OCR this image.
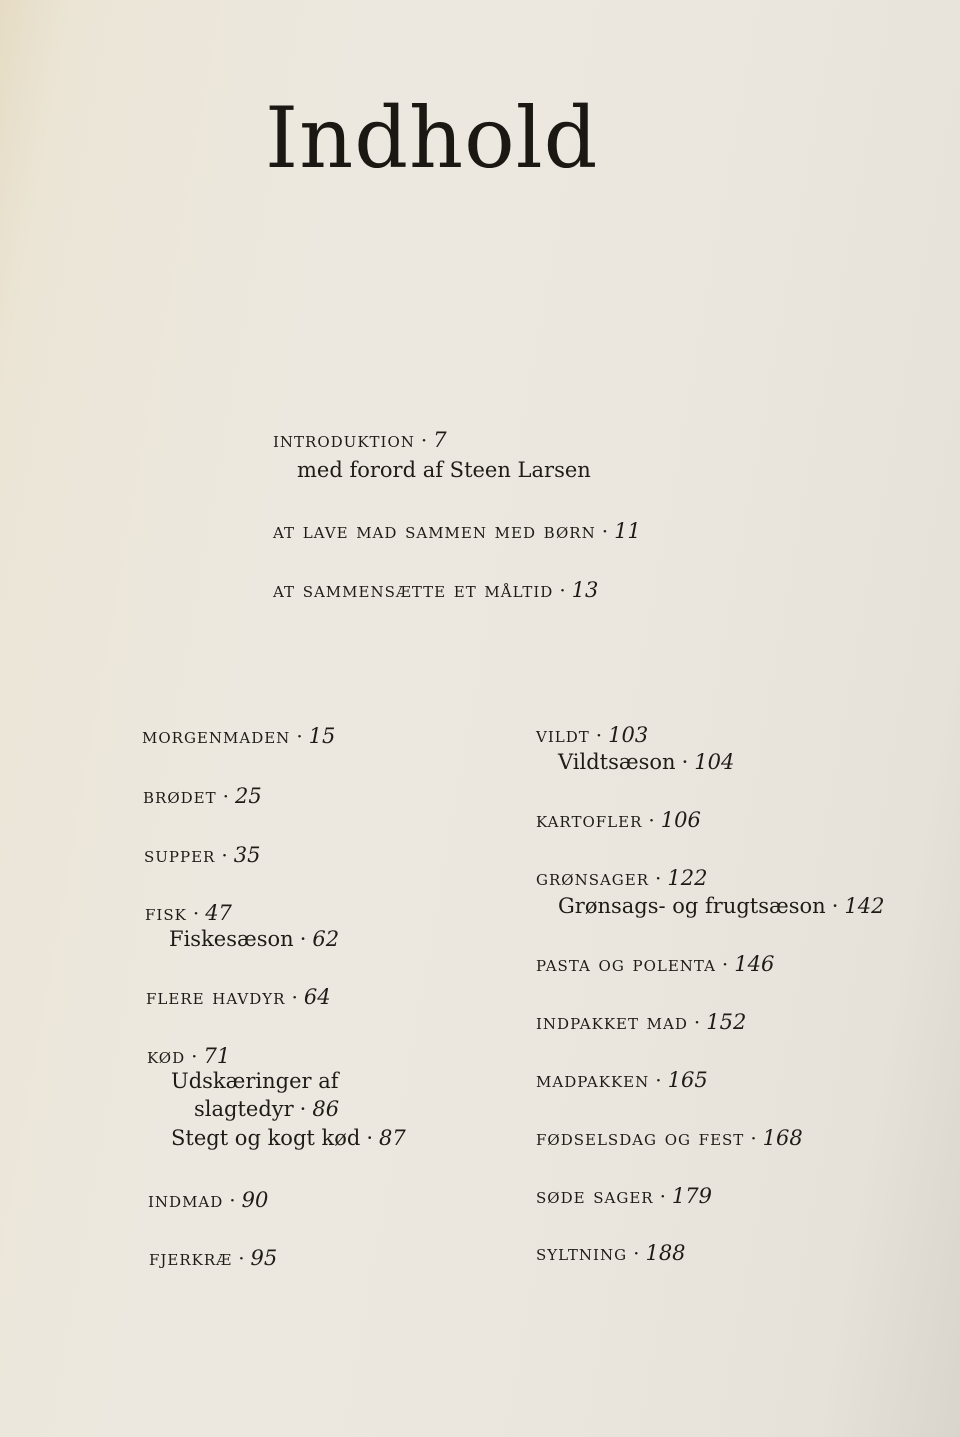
Indhold
introduktion · 7
med forord af Steen Larsen
at lave mad sammen med børn · 11
at sammensætte et måltid · 13
morgenmaden · 15
brødet · 25
supper · 35
fisk · 47
Fiskesæson · 62
flere havdyr · 64
kød · 71
Udskæringer af
slagtedyr · 86
Stegt og kogt kød · 87
indmad · 90
fjerkræ · 95
vildt · 103
Vildtsæson · 104
kartofler · 106
grønsager · 122
Grønsags- og frugtsæson · 142
pasta og polenta · 146
indpakket mad · 152
madpakken · 165
fødselsdag og fest · 168
søde sager · 179
syltning · 188
